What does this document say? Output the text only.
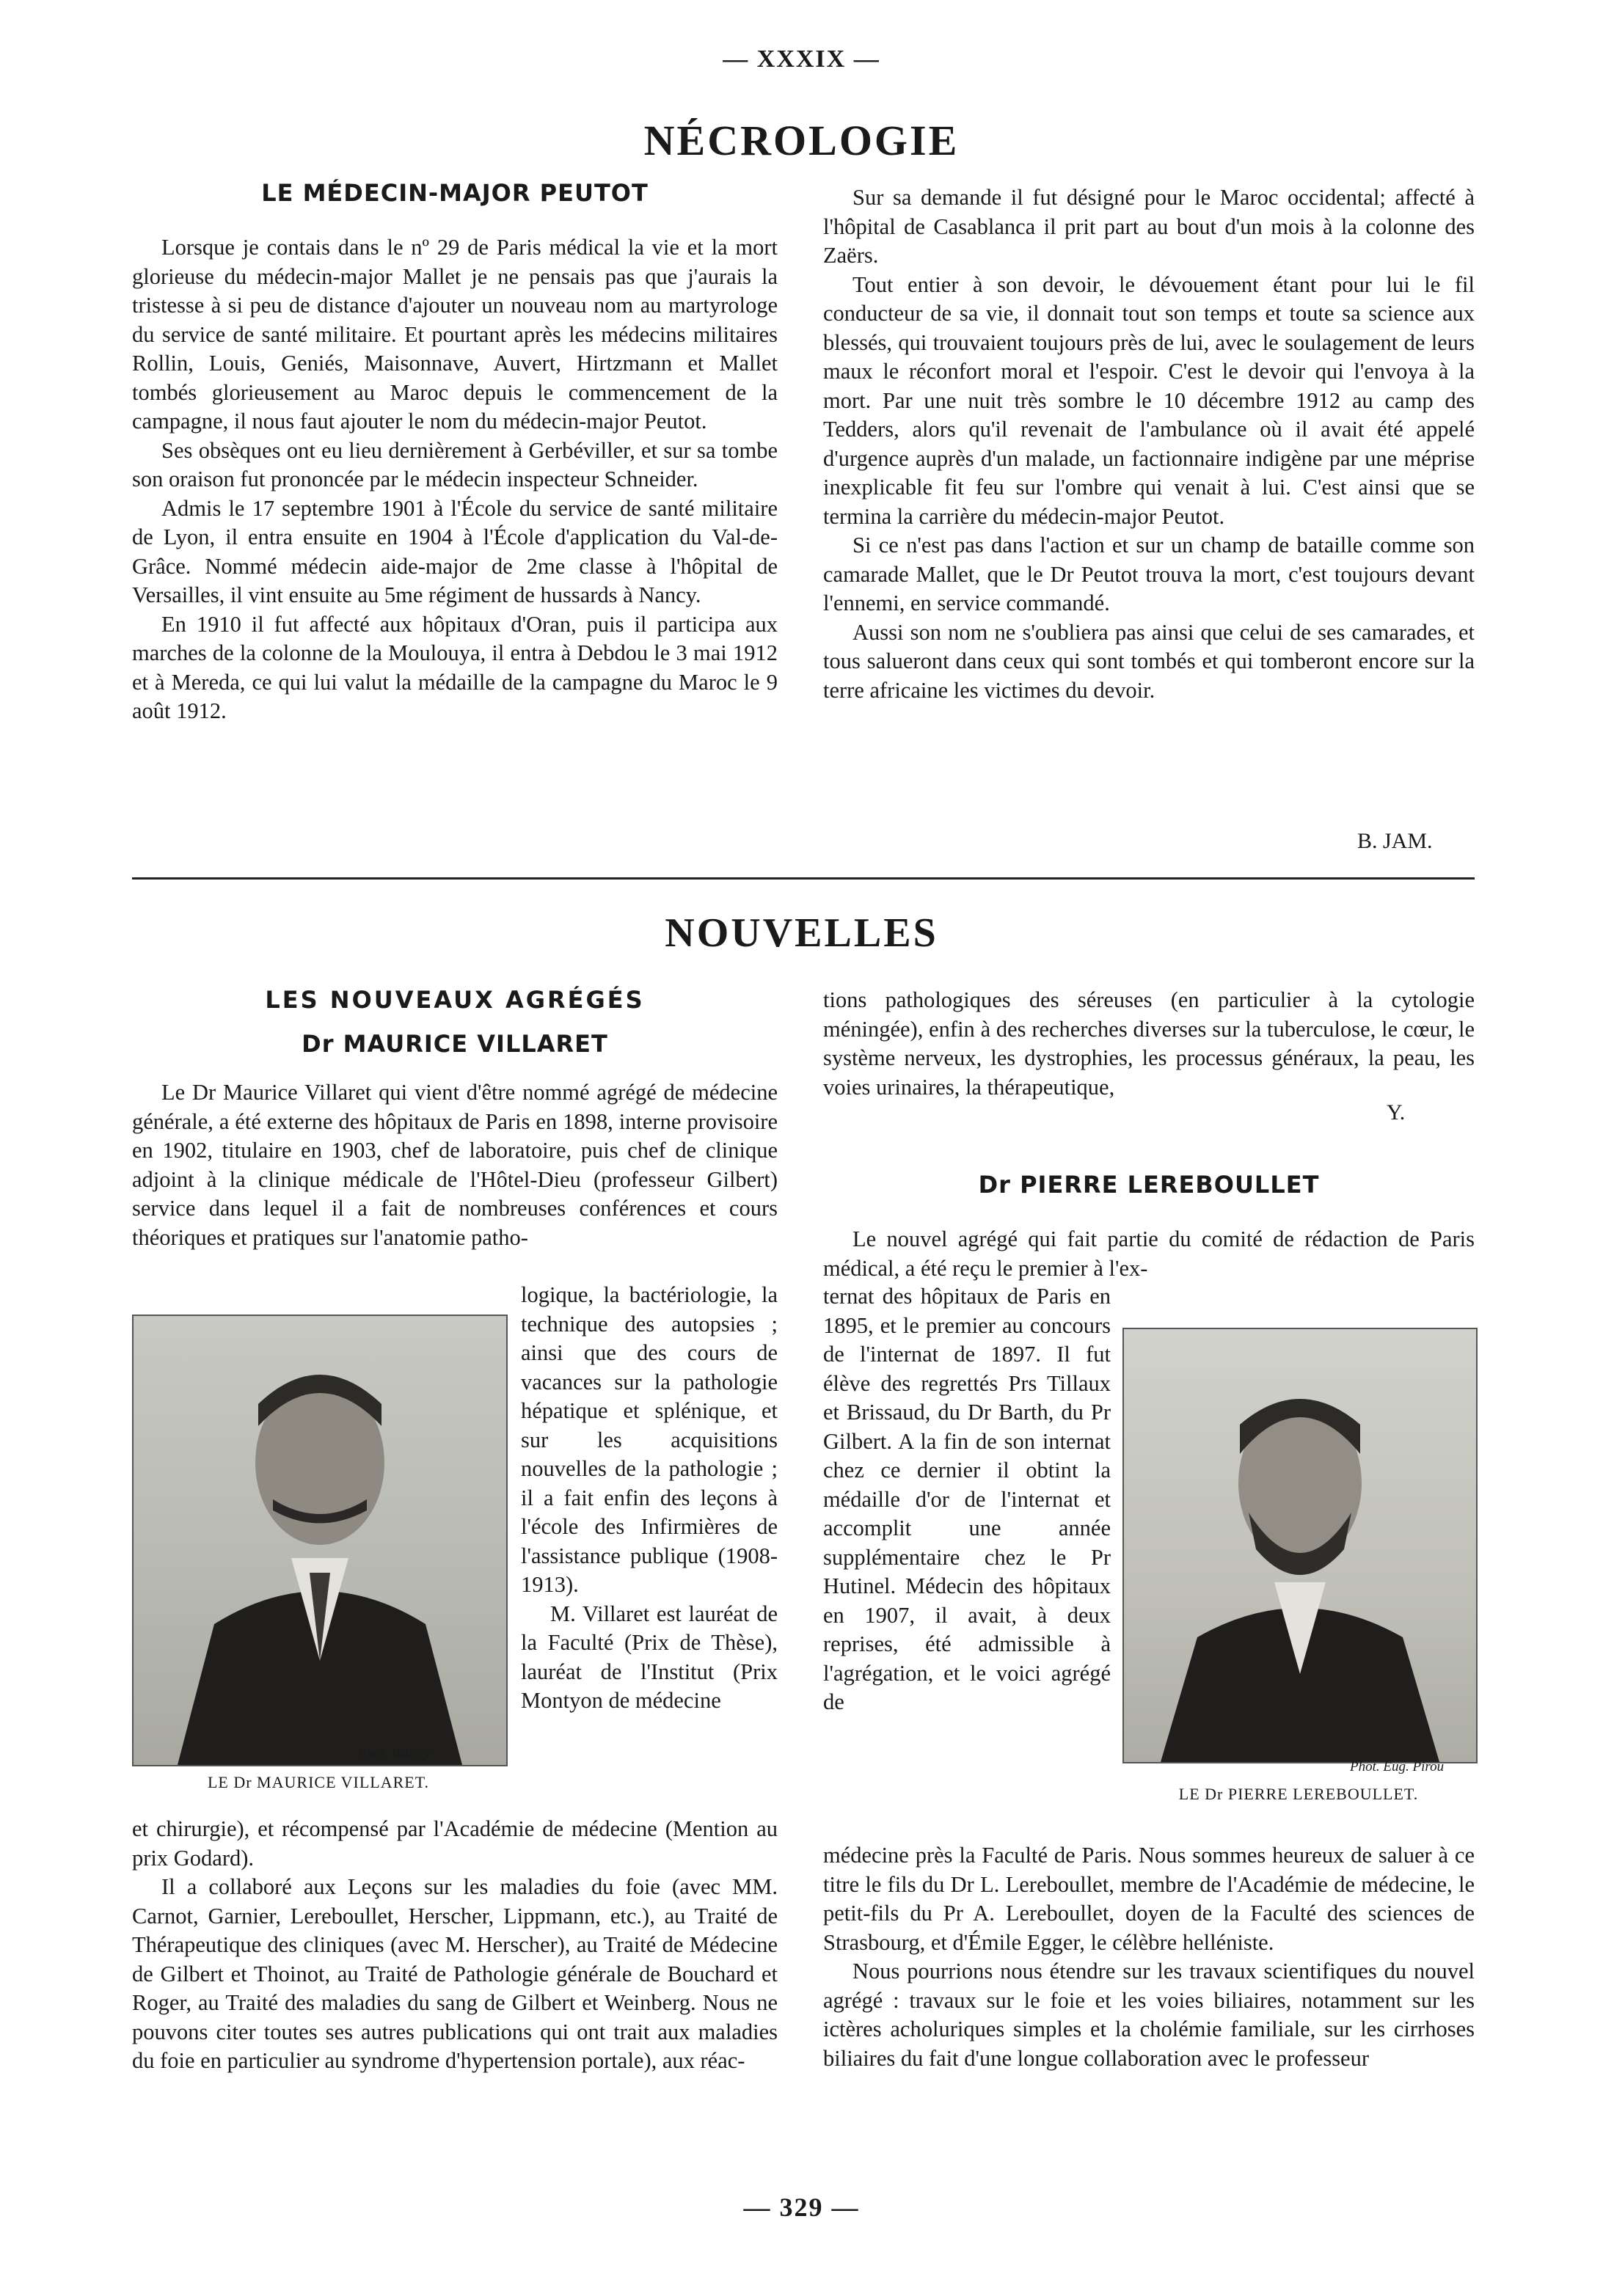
— XXXIX —
NÉCROLOGIE
LE MÉDECIN-MAJOR PEUTOT

Lorsque je contais dans le nº 29 de Paris médical la vie et la mort glorieuse du médecin-major Mallet je ne pensais pas que j'aurais la tristesse à si peu de distance d'ajouter un nouveau nom au martyrologe du service de santé militaire. Et pourtant après les médecins militaires Rollin, Louis, Geniés, Maisonnave, Auvert, Hirtzmann et Mallet tombés glorieusement au Maroc depuis le commencement de la campagne, il nous faut ajouter le nom du médecin-major Peutot.

Ses obsèques ont eu lieu dernièrement à Gerbéviller, et sur sa tombe son oraison fut prononcée par le médecin inspecteur Schneider.

Admis le 17 septembre 1901 à l'École du service de santé militaire de Lyon, il entra ensuite en 1904 à l'École d'application du Val-de-Grâce. Nommé médecin aide-major de 2me classe à l'hôpital de Versailles, il vint ensuite au 5me régiment de hussards à Nancy.

En 1910 il fut affecté aux hôpitaux d'Oran, puis il participa aux marches de la colonne de la Moulouya, il entra à Debdou le 3 mai 1912 et à Mereda, ce qui lui valut la médaille de la campagne du Maroc le 9 août 1912.

Sur sa demande il fut désigné pour le Maroc occidental; affecté à l'hôpital de Casablanca il prit part au bout d'un mois à la colonne des Zaërs.

Tout entier à son devoir, le dévouement étant pour lui le fil conducteur de sa vie, il donnait tout son temps et toute sa science aux blessés, qui trouvaient toujours près de lui, avec le soulagement de leurs maux le réconfort moral et l'espoir. C'est le devoir qui l'envoya à la mort. Par une nuit très sombre le 10 décembre 1912 au camp des Tedders, alors qu'il revenait de l'ambulance où il avait été appelé d'urgence auprès d'un malade, un factionnaire indigène par une méprise inexplicable fit feu sur l'ombre qui venait à lui. C'est ainsi que se termina la carrière du médecin-major Peutot.

Si ce n'est pas dans l'action et sur un champ de bataille comme son camarade Mallet, que le Dr Peutot trouva la mort, c'est toujours devant l'ennemi, en service commandé.

Aussi son nom ne s'oubliera pas ainsi que celui de ses camarades, et tous salueront dans ceux qui sont tombés et qui tomberont encore sur la terre africaine les victimes du devoir.

B. JAM.
NOUVELLES
LES NOUVEAUX AGRÉGÉS
Dr MAURICE VILLARET

Le Dr Maurice Villaret qui vient d'être nommé agrégé de médecine générale, a été externe des hôpitaux de Paris en 1898, interne provisoire en 1902, titulaire en 1903, chef de laboratoire, puis chef de clinique adjoint à la clinique médicale de l'Hôtel-Dieu (professeur Gilbert) service dans lequel il a fait de nombreuses conférences et cours théoriques et pratiques sur l'anatomie patho-

Phot. Walery.
LE Dr MAURICE VILLARET.

logique, la bactériologie, la technique des autopsies ; ainsi que des cours de vacances sur la pathologie hépatique et splénique, et sur les acquisitions nouvelles de la pathologie ; il a fait enfin des leçons à l'école des Infirmières de l'assistance publique (1908-1913).

M. Villaret est lauréat de la Faculté (Prix de Thèse), lauréat de l'Institut (Prix Montyon de médecine

et chirurgie), et récompensé par l'Académie de médecine (Mention au prix Godard).

Il a collaboré aux Leçons sur les maladies du foie (avec MM. Carnot, Garnier, Lereboullet, Herscher, Lippmann, etc.), au Traité de Thérapeutique des cliniques (avec M. Herscher), au Traité de Médecine de Gilbert et Thoinot, au Traité de Pathologie générale de Bouchard et Roger, au Traité des maladies du sang de Gilbert et Weinberg. Nous ne pouvons citer toutes ses autres publications qui ont trait aux maladies du foie en particulier au syndrome d'hypertension portale), aux réac-

tions pathologiques des séreuses (en particulier à la cytologie méningée), enfin à des recherches diverses sur la tuberculose, le cœur, le système nerveux, les dystrophies, les processus généraux, la peau, les voies urinaires, la thérapeutique,

Y.
Dr PIERRE LEREBOULLET

Le nouvel agrégé qui fait partie du comité de rédaction de Paris médical, a été reçu le premier à l'ex-

ternat des hôpitaux de Paris en 1895, et le premier au concours de l'internat de 1897. Il fut élève des regrettés Prs Tillaux et Brissaud, du Dr Barth, du Pr Gilbert. A la fin de son internat chez ce dernier il obtint la médaille d'or de l'internat et accomplit une année supplémentaire chez le Pr Hutinel. Médecin des hôpitaux en 1907, il avait, à deux reprises, été admissible à l'agrégation, et le voici agrégé de

Phot. Eug. Pirou
LE Dr PIERRE LEREBOULLET.

médecine près la Faculté de Paris. Nous sommes heureux de saluer à ce titre le fils du Dr L. Lereboullet, membre de l'Académie de médecine, le petit-fils du Pr A. Lereboullet, doyen de la Faculté des sciences de Strasbourg, et d'Émile Egger, le célèbre helléniste.

Nous pourrions nous étendre sur les travaux scientifiques du nouvel agrégé : travaux sur le foie et les voies biliaires, notamment sur les ictères acholuriques simples et la cholémie familiale, sur les cirrhoses biliaires du fait d'une longue collaboration avec le professeur

— 329 —
